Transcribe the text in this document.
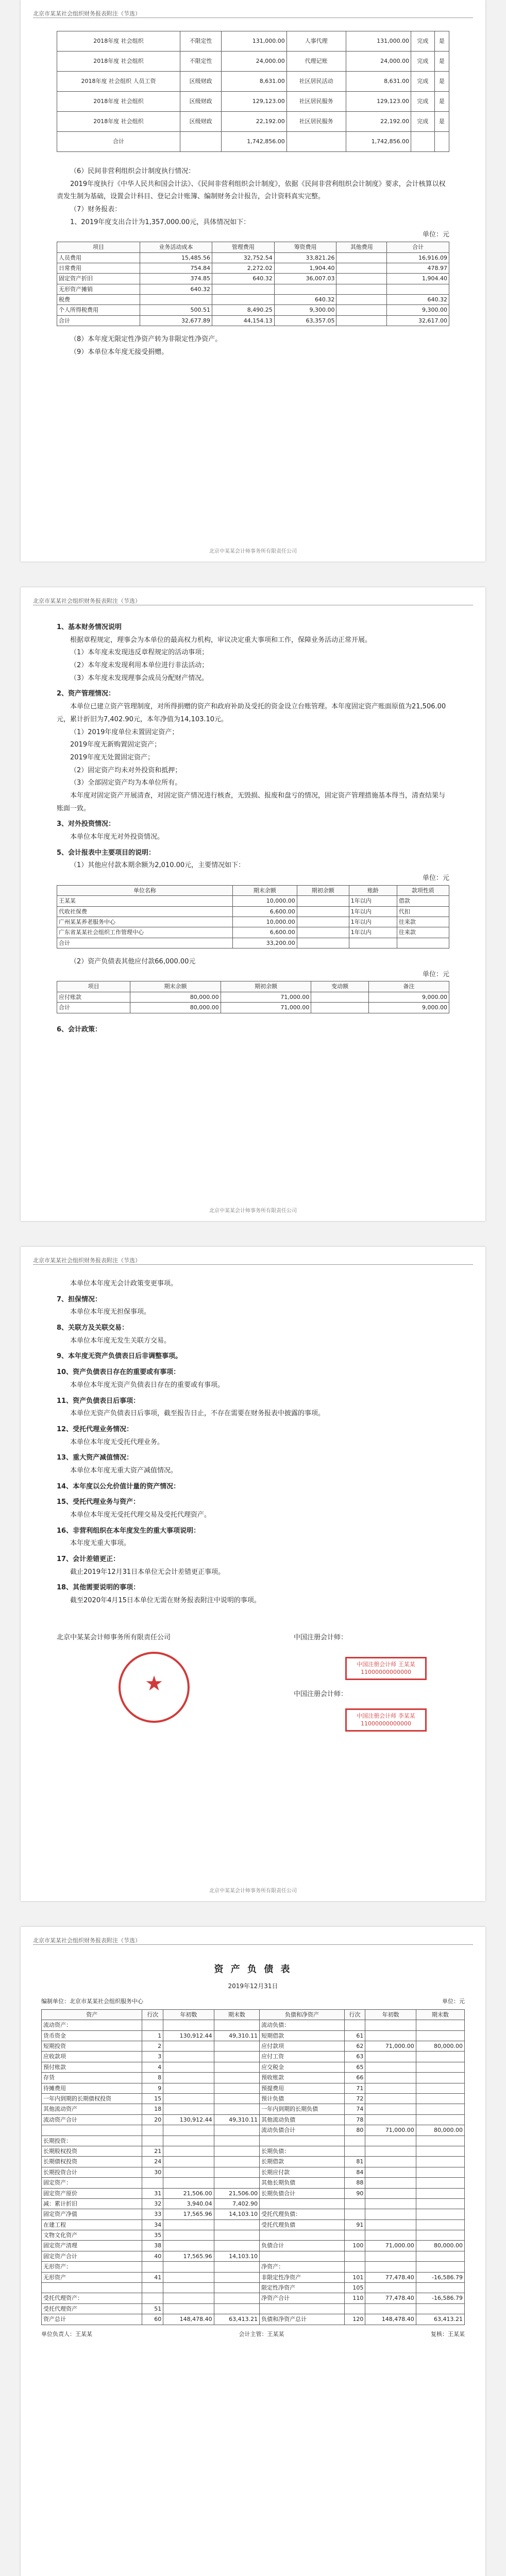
北京市某某社会组织财务报表附注（节选）
2018年度 社会组织	不限定性	131,000.00	人事代理	131,000.00	完成	是
2018年度 社会组织	不限定性	24,000.00	代理记账	24,000.00	完成	是
2018年度 社会组织 人员工资	区级财政	8,631.00	社区居民活动	8,631.00	完成	是
2018年度 社会组织	区级财政	129,123.00	社区居民服务	129,123.00	完成	是
2018年度 社会组织	区级财政	22,192.00	社区居民服务	22,192.00	完成	是
合计		1,742,856.00		1,742,856.00		

（6）民间非营利组织会计制度执行情况：

2019年度执行《中华人民共和国会计法》、《民间非营利组织会计制度》，依据《民间非营利组织会计制度》要求，会计核算以权责发生制为基础，设置会计科目、登记会计账簿、编制财务会计报告，会计资料真实完整。

（7）财务报表：

1、2019年度支出合计为1,357,000.00元，具体情况如下：

单位：元

项目	业务活动成本	管理费用	筹资费用	其他费用	合计
人员费用	15,485.56	32,752.54	33,821.26		16,916.09
日常费用	754.84	2,272.02	1,904.40		478.97
固定资产折旧	374.85	640.32	36,007.03		1,904.40
无形资产摊销	640.32				
税费			640.32		640.32
个人所得税费用	500.51	8,490.25	9,300.00		9,300.00
合计	32,677.89	44,154.13	63,357.05		32,617.00

（8）本年度无限定性净资产转为非限定性净资产。

（9）本单位本年度无接受捐赠。

北京中某某会计师事务所有限责任公司
北京市某某社会组织财务报表附注（节选）

1、基本财务情况说明

根据章程规定，理事会为本单位的最高权力机构，审议决定重大事项和工作，保障业务活动正常开展。

（1）本年度未发现违反章程规定的活动事项；

（2）本年度未发现利用本单位进行非法活动；

（3）本年度未发现理事会成员分配财产情况。

2、资产管理情况：

本单位已建立资产管理制度，对所得捐赠的资产和政府补助及受托的资金设立台账管理。本年度固定资产账面原值为21,506.00元，累计折旧为7,402.90元，本年净值为14,103.10元。

（1）2019年度单位未置固定资产；

2019年度无新购置固定资产；

2019年度无处置固定资产；

（2）固定资产均未对外投资和抵押；

（3）全部固定资产均为本单位所有。

本年度对固定资产开展清查，对固定资产情况进行核查，无毁损、报废和盘亏的情况，固定资产管理措施基本得当，清查结果与账面一致。

3、对外投资情况：

本单位本年度无对外投资情况。

5、会计报表中主要项目的说明：

（1）其他应付款本期余额为2,010.00元，主要情况如下：

单位：元

单位名称	期末余额	期初余额	账龄	款项性质
王某某	10,000.00		1年以内	借款
代收社保费	6,600.00		1年以内	代扣
广州某某养老服务中心	10,000.00		1年以内	往来款
广东省某某社会组织工作管理中心	6,600.00		1年以内	往来款
合计	33,200.00			

（2）资产负债表其他应付款66,000.00元

单位：元

项目	期末余额	期初余额	变动额	备注
应付账款	80,000.00	71,000.00		9,000.00
合计	80,000.00	71,000.00		9,000.00

6、会计政策：

北京中某某会计师事务所有限责任公司
北京市某某社会组织财务报表附注（节选）

本单位本年度无会计政策变更事项。

7、担保情况：

本单位本年度无担保事项。

8、关联方及关联交易：

本单位本年度无发生关联方交易。

9、本年度无资产负债表日后非调整事项。

10、资产负债表日存在的重要或有事项：

本单位本年度无资产负债表日存在的重要或有事项。

11、资产负债表日后事项：

本单位无资产负债表日后事项，截至报告日止，不存在需要在财务报表中披露的事项。

12、受托代理业务情况：

本单位本年度无受托代理业务。

13、重大资产减值情况：

本单位本年度无重大资产减值情况。

14、本年度以公允价值计量的资产情况：

15、受托代理业务与资产：

本单位本年度无受托代理交易及受托代理资产。

16、非营利组织在本年度发生的重大事项说明：

本年度无重大事项。

17、会计差错更正：

截止2019年12月31日本单位无会计差错更正事项。

18、其他需要说明的事项：

截至2020年4月15日本单位无需在财务报表附注中说明的事项。

北京中某某会计师事务所有限责任公司	中国注册会计师：
中国注册会计师：
★
中国注册会计师 王某某 11000000000000
中国注册会计师 李某某 11000000000000
北京中某某会计师事务所有限责任公司
北京市某某社会组织财务报表附注（节选）
资 产 负 债 表
2019年12月31日
编制单位：北京市某某社会组织服务中心	单位：元
资产	行次	年初数	期末数	负债和净资产	行次	年初数	期末数
流动资产：				流动负债：			
货币资金	1	130,912.44	49,310.11	短期借款	61		
短期投资	2			应付款项	62	71,000.00	80,000.00
应收款项	3			应付工资	63		
预付账款	4			应交税金	65		
存货	8			预收账款	66		
待摊费用	9			预提费用	71		
一年内到期的长期债权投资	15			预计负债	72		
其他流动资产	18			一年内到期的长期负债	74		
流动资产合计	20	130,912.44	49,310.11	其他流动负债	78		
				流动负债合计	80	71,000.00	80,000.00
长期投资：							
长期股权投资	21			长期负债：			
长期债权投资	24			长期借款	81		
长期投资合计	30			长期应付款	84		
固定资产：				其他长期负债	88		
固定资产原价	31	21,506.00	21,506.00	长期负债合计	90		
减：累计折旧	32	3,940.04	7,402.90				
固定资产净值	33	17,565.96	14,103.10	受托代理负债：			
在建工程	34			受托代理负债	91		
文物文化资产	35						
固定资产清理	38			负债合计	100	71,000.00	80,000.00
固定资产合计	40	17,565.96	14,103.10				
无形资产：				净资产：			
无形资产	41			非限定性净资产	101	77,478.40	-16,586.79
				限定性净资产	105		
受托代理资产：				净资产合计	110	77,478.40	-16,586.79
受托代理资产	51						
资产总计	60	148,478.40	63,413.21	负债和净资产总计	120	148,478.40	63,413.21
单位负责人：王某某	会计主管：王某某	复核：王某某
